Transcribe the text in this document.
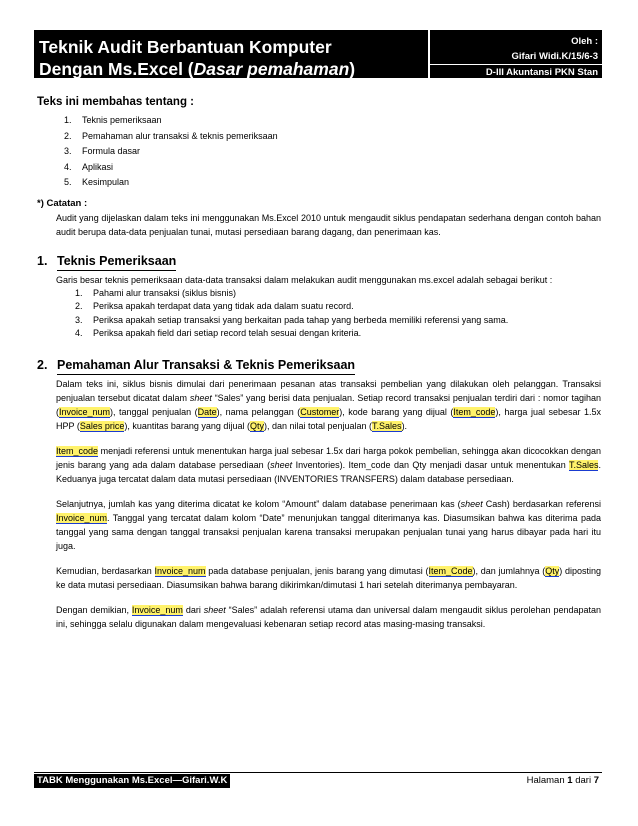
Teknik Audit Berbantuan Komputer
Dengan Ms.Excel (Dasar pemahaman)
Oleh :
Gifari Widi.K/15/6-3
D-III Akuntansi PKN Stan
Teks ini membahas tentang :
1.	Teknis pemeriksaan
2.	Pemahaman alur transaksi & teknis pemeriksaan
3.	Formula dasar
4.	Aplikasi
5.	Kesimpulan
*) Catatan :

Audit yang dijelaskan dalam teks ini menggunakan Ms.Excel 2010 untuk mengaudit siklus pendapatan sederhana dengan contoh bahan audit berupa data-data penjualan tunai, mutasi persediaan barang dagang, dan penerimaan kas.

1. Teknis Pemeriksaan

Garis besar teknis pemeriksaan data-data transaksi dalam melakukan audit menggunakan ms.excel adalah sebagai berikut :

1.	Pahami alur transaksi (siklus bisnis)
2.	Periksa apakah terdapat data yang tidak ada dalam suatu record.
3.	Periksa apakah setiap transaksi yang berkaitan pada tahap yang berbeda memiliki referensi yang sama.
4.	Periksa apakah field dari setiap record telah sesuai dengan kriteria.
2. Pemahaman Alur Transaksi & Teknis Pemeriksaan

Dalam teks ini, siklus bisnis dimulai dari penerimaan pesanan atas transaksi pembelian yang dilakukan oleh pelanggan. Transaksi penjualan tersebut dicatat dalam sheet “Sales” yang berisi data penjualan. Setiap record transaksi penjualan terdiri dari : nomor tagihan (Invoice_num), tanggal penjualan (Date), nama pelanggan (Customer), kode barang yang dijual (Item_code), harga jual sebesar 1.5x HPP (Sales price), kuantitas barang yang dijual (Qty), dan nilai total penjualan (T.Sales).

Item_code menjadi referensi untuk menentukan harga jual sebesar 1.5x dari harga pokok pembelian, sehingga akan dicocokkan dengan jenis barang yang ada dalam database persediaan (sheet Inventories). Item_code dan Qty menjadi dasar untuk menentukan T.Sales. Keduanya juga tercatat dalam data mutasi persediaan (INVENTORIES TRANSFERS) dalam database persediaan.

Selanjutnya, jumlah kas yang diterima dicatat ke kolom “Amount” dalam database penerimaan kas (sheet Cash) berdasarkan referensi Invoice_num. Tanggal yang tercatat dalam kolom “Date” menunjukan tanggal diterimanya kas. Diasumsikan bahwa kas diterima pada tanggal yang sama dengan tanggal transaksi penjualan karena transaksi merupakan penjualan tunai yang harus dibayar pada hari itu juga.

Kemudian, berdasarkan Invoice_num pada database penjualan, jenis barang yang dimutasi (Item_Code), dan jumlahnya (Qty) diposting ke data mutasi persediaan. Diasumsikan bahwa barang dikirimkan/dimutasi 1 hari setelah diterimanya pembayaran.

Dengan demikian, Invoice_num dari sheet “Sales” adalah referensi utama dan universal dalam mengaudit siklus perolehan pendapatan ini, sehingga selalu digunakan dalam mengevaluasi kebenaran setiap record atas masing-masing transaksi.

TABK Menggunakan Ms.Excel—Gifari.W.K	Halaman 1 dari 7
